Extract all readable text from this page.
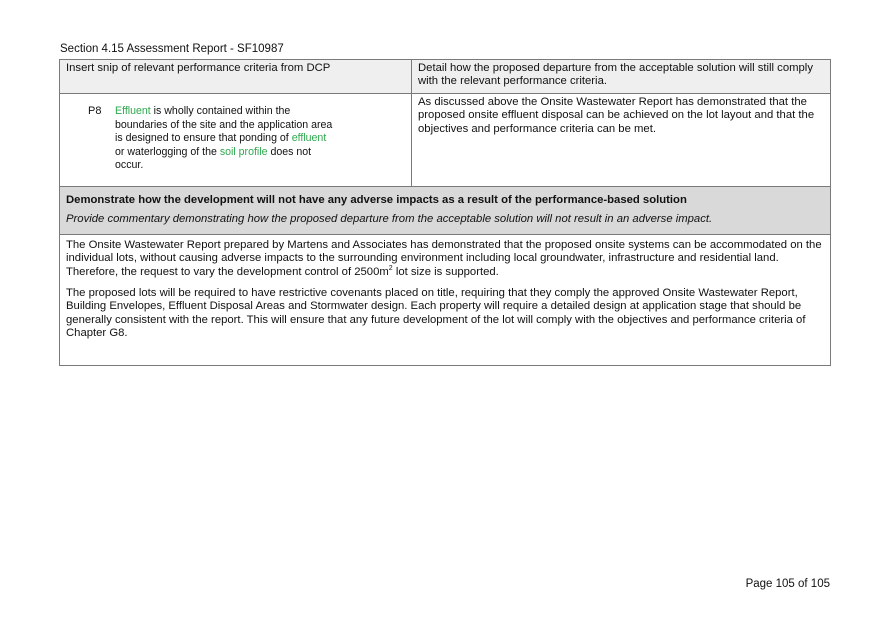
Section 4.15 Assessment Report - SF10987
Insert snip of relevant performance criteria from DCP	Detail how the proposed departure from the acceptable solution will still comply with the relevant performance criteria.
P8 Effluent is wholly contained within the boundaries of the site and the application area is designed to ensure that ponding of effluent or waterlogging of the soil profile does not occur.
As discussed above the Onsite Wastewater Report has demonstrated that the proposed onsite effluent disposal can be achieved on the lot layout and that the objectives and performance criteria can be met.
Demonstrate how the development will not have any adverse impacts as a result of the performance-based solution
Provide commentary demonstrating how the proposed departure from the acceptable solution will not result in an adverse impact.
The Onsite Wastewater Report prepared by Martens and Associates has demonstrated that the proposed onsite systems can be accommodated on the individual lots, without causing adverse impacts to the surrounding environment including local groundwater, infrastructure and residential land. Therefore, the request to vary the development control of $2500m^2$ lot size is supported.
The proposed lots will be required to have restrictive covenants placed on title, requiring that they comply the approved Onsite Wastewater Report, Building Envelopes, Effluent Disposal Areas and Stormwater design. Each property will require a detailed design at application stage that should be generally consistent with the report. This will ensure that any future development of the lot will comply with the objectives and performance criteria of Chapter G8.
Page 105 of 105
